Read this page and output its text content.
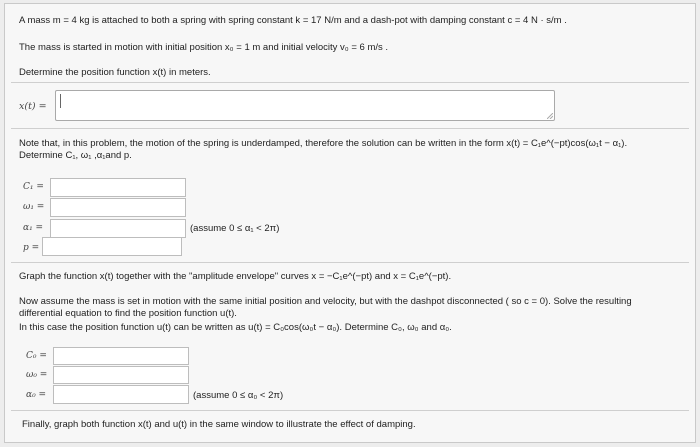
A mass m = 4 kg is attached to both a spring with spring constant k = 17 N/m and a dash-pot with damping constant c = 4 N · s/m .
The mass is started in motion with initial position x₀ = 1 m and initial velocity v₀ = 6 m/s .
Determine the position function x(t) in meters.
x(t) =
Note that, in this problem, the motion of the spring is underdamped, therefore the solution can be written in the form x(t) = C₁e^(−pt)cos(ω₁t − α₁).
Determine C₁, ω₁ ,α₁and p.
C₁ =
ω₁ =
α₁ =	(assume 0 ≤ α₁ < 2π)
p =
Graph the function x(t) together with the "amplitude envelope" curves x = −C₁e^(−pt) and x = C₁e^(−pt).
Now assume the mass is set in motion with the same initial position and velocity, but with the dashpot disconnected ( so c = 0). Solve the resulting
differential equation to find the position function u(t).
In this case the position function u(t) can be written as u(t) = C₀cos(ω₀t − α₀). Determine C₀, ω₀ and α₀.
C₀ =
ω₀ =
α₀ =	(assume 0 ≤ α₀ < 2π)
Finally, graph both function x(t) and u(t) in the same window to illustrate the effect of damping.
